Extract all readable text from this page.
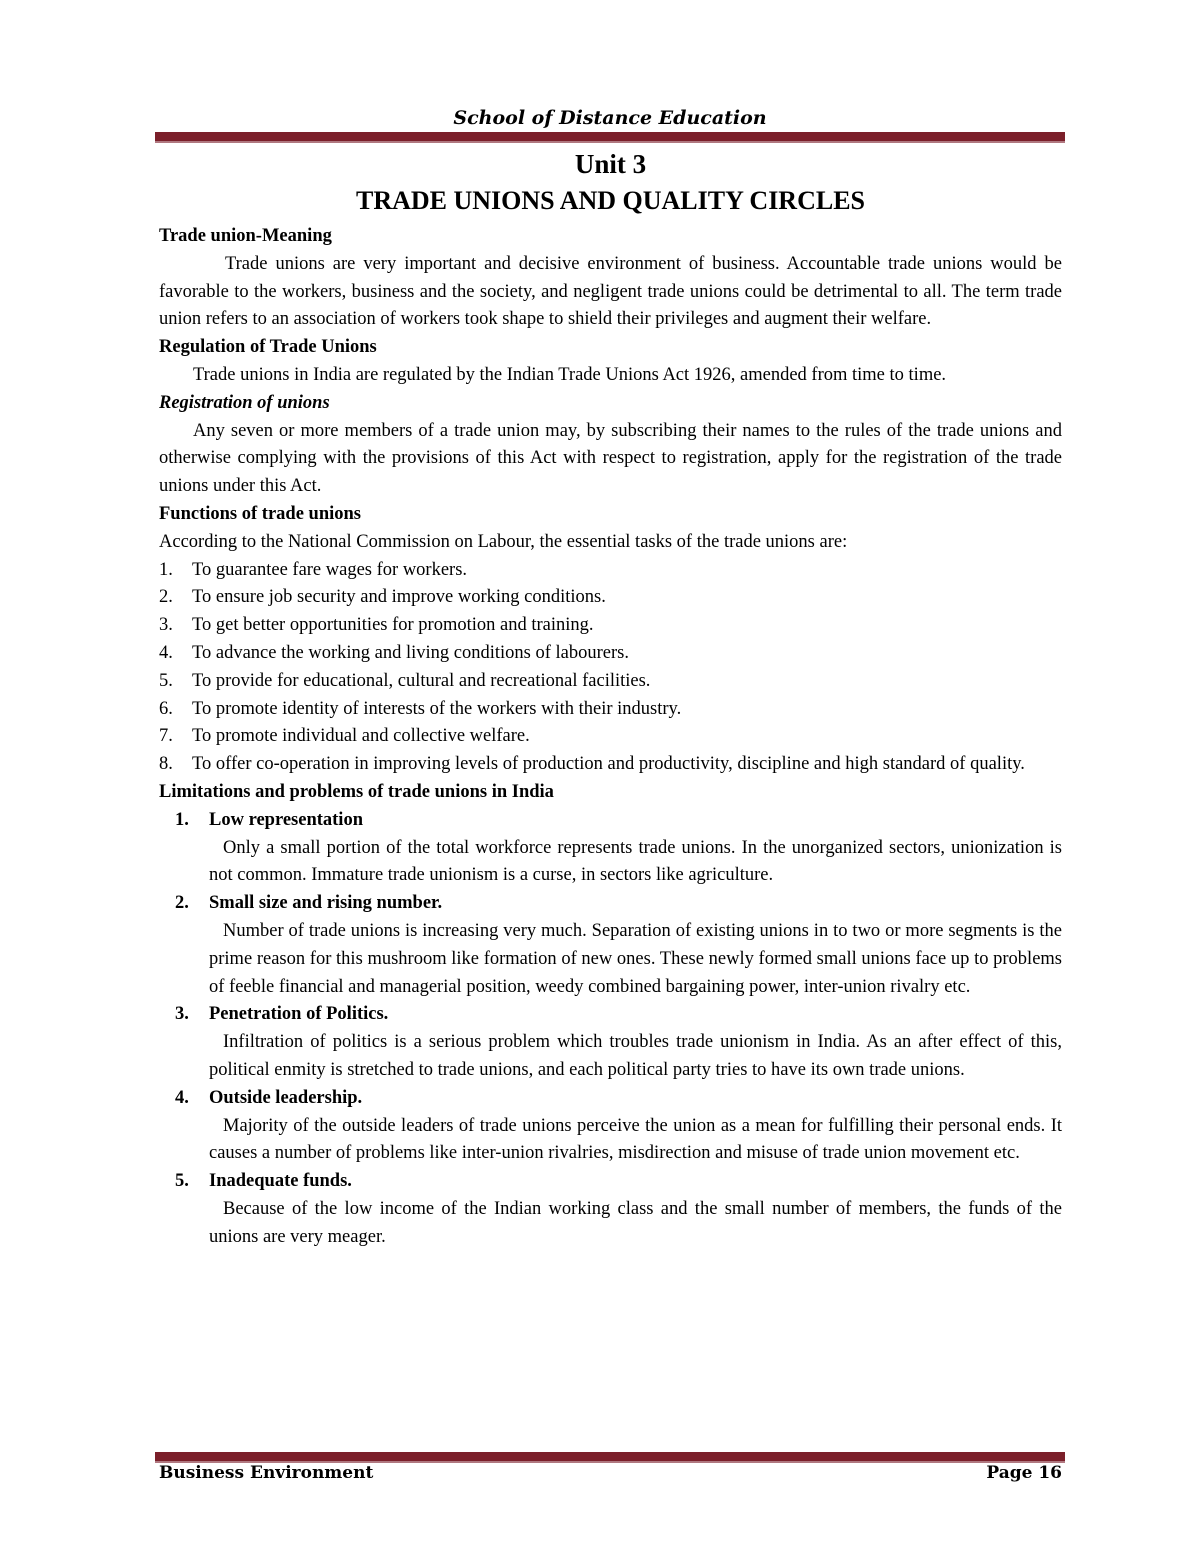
School of Distance Education
Unit 3
TRADE UNIONS AND QUALITY CIRCLES
Trade union-Meaning
Trade unions are very important and decisive environment of business. Accountable trade unions would be favorable to the workers, business and the society, and negligent trade unions could be detrimental to all. The term trade union refers to an association of workers took shape to shield their privileges and augment their welfare.
Regulation of Trade Unions
Trade unions in India are regulated by the Indian Trade Unions Act 1926, amended from time to time.
Registration of unions
Any seven or more members of a trade union may, by subscribing their names to the rules of the trade unions and otherwise complying with the provisions of this Act with respect to registration, apply for the registration of the trade unions under this Act.
Functions of trade unions
According to the National Commission on Labour, the essential tasks of the trade unions are:
1. To guarantee fare wages for workers.
2. To ensure job security and improve working conditions.
3. To get better opportunities for promotion and training.
4. To advance the working and living conditions of labourers.
5. To provide for educational, cultural and recreational facilities.
6. To promote identity of interests of the workers with their industry.
7. To promote individual and collective welfare.
8. To offer co-operation in improving levels of production and productivity, discipline and high standard of quality.
Limitations and problems of trade unions in India
1. Low representation
Only a small portion of the total workforce represents trade unions. In the unorganized sectors, unionization is not common. Immature trade unionism is a curse, in sectors like agriculture.
2. Small size and rising number.
Number of trade unions is increasing very much. Separation of existing unions in to two or more segments is the prime reason for this mushroom like formation of new ones. These newly formed small unions face up to problems of feeble financial and managerial position, weedy combined bargaining power, inter-union rivalry etc.
3. Penetration of Politics.
Infiltration of politics is a serious problem which troubles trade unionism in India. As an after effect of this, political enmity is stretched to trade unions, and each political party tries to have its own trade unions.
4. Outside leadership.
Majority of the outside leaders of trade unions perceive the union as a mean for fulfilling their personal ends. It causes a number of problems like inter-union rivalries, misdirection and misuse of trade union movement etc.
5. Inadequate funds.
Because of the low income of the Indian working class and the small number of members, the funds of the unions are very meager.
Business Environment	Page 16
